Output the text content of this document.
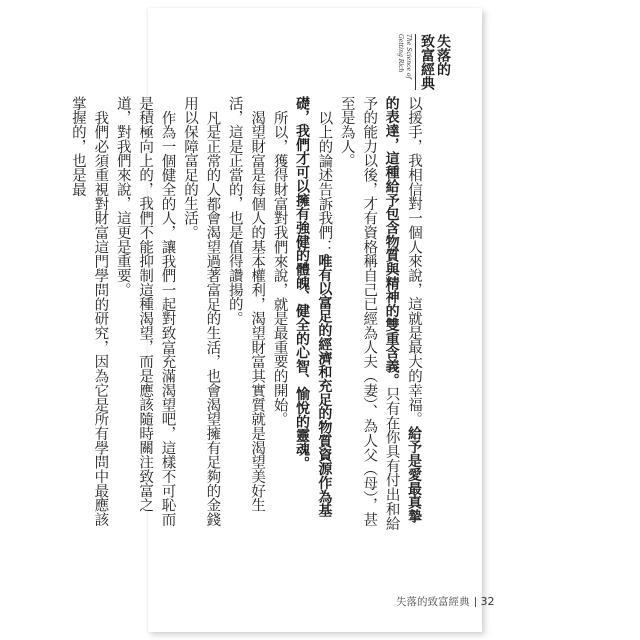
失落的
致富經典
The Science of Getting Rich

以援手，我相信對一個人來說，這就是最大的幸福。給予是愛最真摯的表達，這種給予包含物質與精神的雙重含義。只有在你具有付出和給予的能力以後，才有資格稱自己已經為人夫（妻）、為人父（母），甚至是為人。

以上的論述告訴我們：唯有以富足的經濟和充足的物質資源作為基礎，我們才可以擁有強健的體魄、健全的心智、愉悅的靈魂。

所以，獲得財富對我們來說，就是最重要的開始。

渴望財富是每個人的基本權利，渴望財富其實質就是渴望美好生活，這是正當的，也是值得讚揚的。

凡是正常的人都會渴望過著富足的生活，也會渴望擁有足夠的金錢用以保障富足的生活。

作為一個健全的人，讓我們一起對致富充滿渴望吧，這樣不可恥而是積極向上的，我們不能抑制這種渴望，而是應該隨時關注致富之道，對我們來說，這更是重要。

我們必須重視對財富這門學問的研究，因為它是所有學問中最應該掌握的，也是最

失落的致富經典 32
